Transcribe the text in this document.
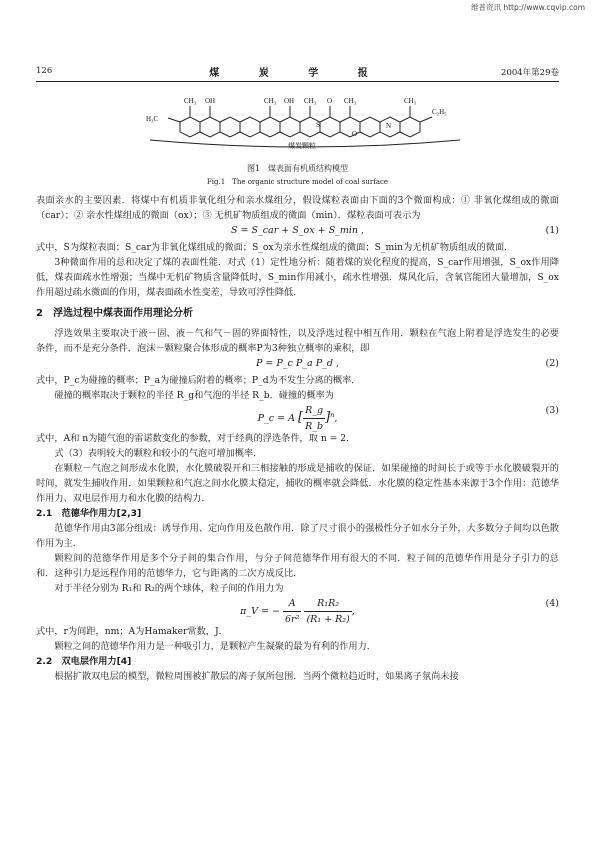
维普资讯 http://www.cqvip.com
126	煤 炭 学 报	2004年第29卷
CH₃ OH
H₃C
CH₃ OH CH₃ O CH₃
S
O
N
CH₃
C₂H₅
煤炭颗粒
图1　煤表面有机质结构模型
Fig.1　The organic structure model of coal surface

表面亲水的主要因素．将煤中有机质非氧化组分和亲水煤组分，假设煤粒表面由下面的3个微面构成：① 非氧化煤组成的微面（car）；② 亲水性煤组成的微面（ox）；③ 无机矿物质组成的微面（min）．煤粒表面可表示为

S = S_car + S_ox + S_min ,	(1)

式中，S为煤粒表面；S_car为非氧化煤组成的微面；S_ox为亲水性煤组成的微面；S_min为无机矿物质组成的微面．

3种微面作用的总和决定了煤的表面性能．对式（1）定性地分析：随着煤的炭化程度的提高，S_car作用增强，S_ox作用降低，煤表面疏水性增强；当煤中无机矿物质含量降低时，S_min作用减小，疏水性增强．煤风化后，含氧官能团大量增加，S_ox作用超过疏水微面的作用，煤表面疏水性变差，导致可浮性降低．

2　浮选过程中煤表面作用理论分析

浮选效果主要取决于液－固、液－气和气－固的界面特性，以及浮选过程中相互作用．颗粒在气泡上附着是浮选发生的必要条件，而不是充分条件．泡沫－颗粒聚合体形成的概率P为3种独立概率的乘积，即

P = P_c P_a P_d ,	(2)

式中，P_c为碰撞的概率；P_a为碰撞后附着的概率；P_d为不发生分离的概率．

碰撞的概率取决于颗粒的半径 R_g和气泡的半径 R_b．碰撞的概率为

P_c = A [ $\frac{R\_g}{R\_b} ]^n$,
(3)

式中，A和 n为随气泡的雷诺数变化的参数，对于经典的浮选条件，取 n = 2．

式（3）表明较大的颗粒和较小的气泡可增加概率．

在颗粒－气泡之间形成水化膜，水化膜破裂开和三相接触的形成是捕收的保证．如果碰撞的时间长于或等于水化膜破裂开的时间，就发生捕收作用．如果颗粒和气泡之间水化膜太稳定，捕收的概率就会降低．水化膜的稳定性基本来源于3个作用：范德华作用力、双电层作用力和水化膜的结构力．

2.1　范德华作用力[2,3]

范德华作用由3部分组成：诱导作用、定向作用及色散作用．除了尺寸很小的强极性分子如水分子外，大多数分子间均以色散作用为主．

颗粒间的范德华作用是多个分子间的集合作用，与分子间范德华作用有很大的不同．粒子间的范德华作用是分子引力的总和．这种引力是远程作用的范德华力，它与距离的二次方成反比．

对于半径分别为 R₁和 R₂的两个球体，粒子间的作用力为

π_V = − $\frac{A}{\text{6r²}}$
$\frac{\text{R₁R₂}}{\text{(R₁ + R₂)}}$ ,
(4)

式中，r为间距，nm；A为Hamaker常数，J．

颗粒之间的范德华作用力是一种吸引力，是颗粒产生凝聚的最为有利的作用力．

2.2　双电层作用力[4]

根据扩散双电层的模型，微粒周围被扩散层的离子氛所包围．当两个微粒趋近时，如果离子氛尚未接
